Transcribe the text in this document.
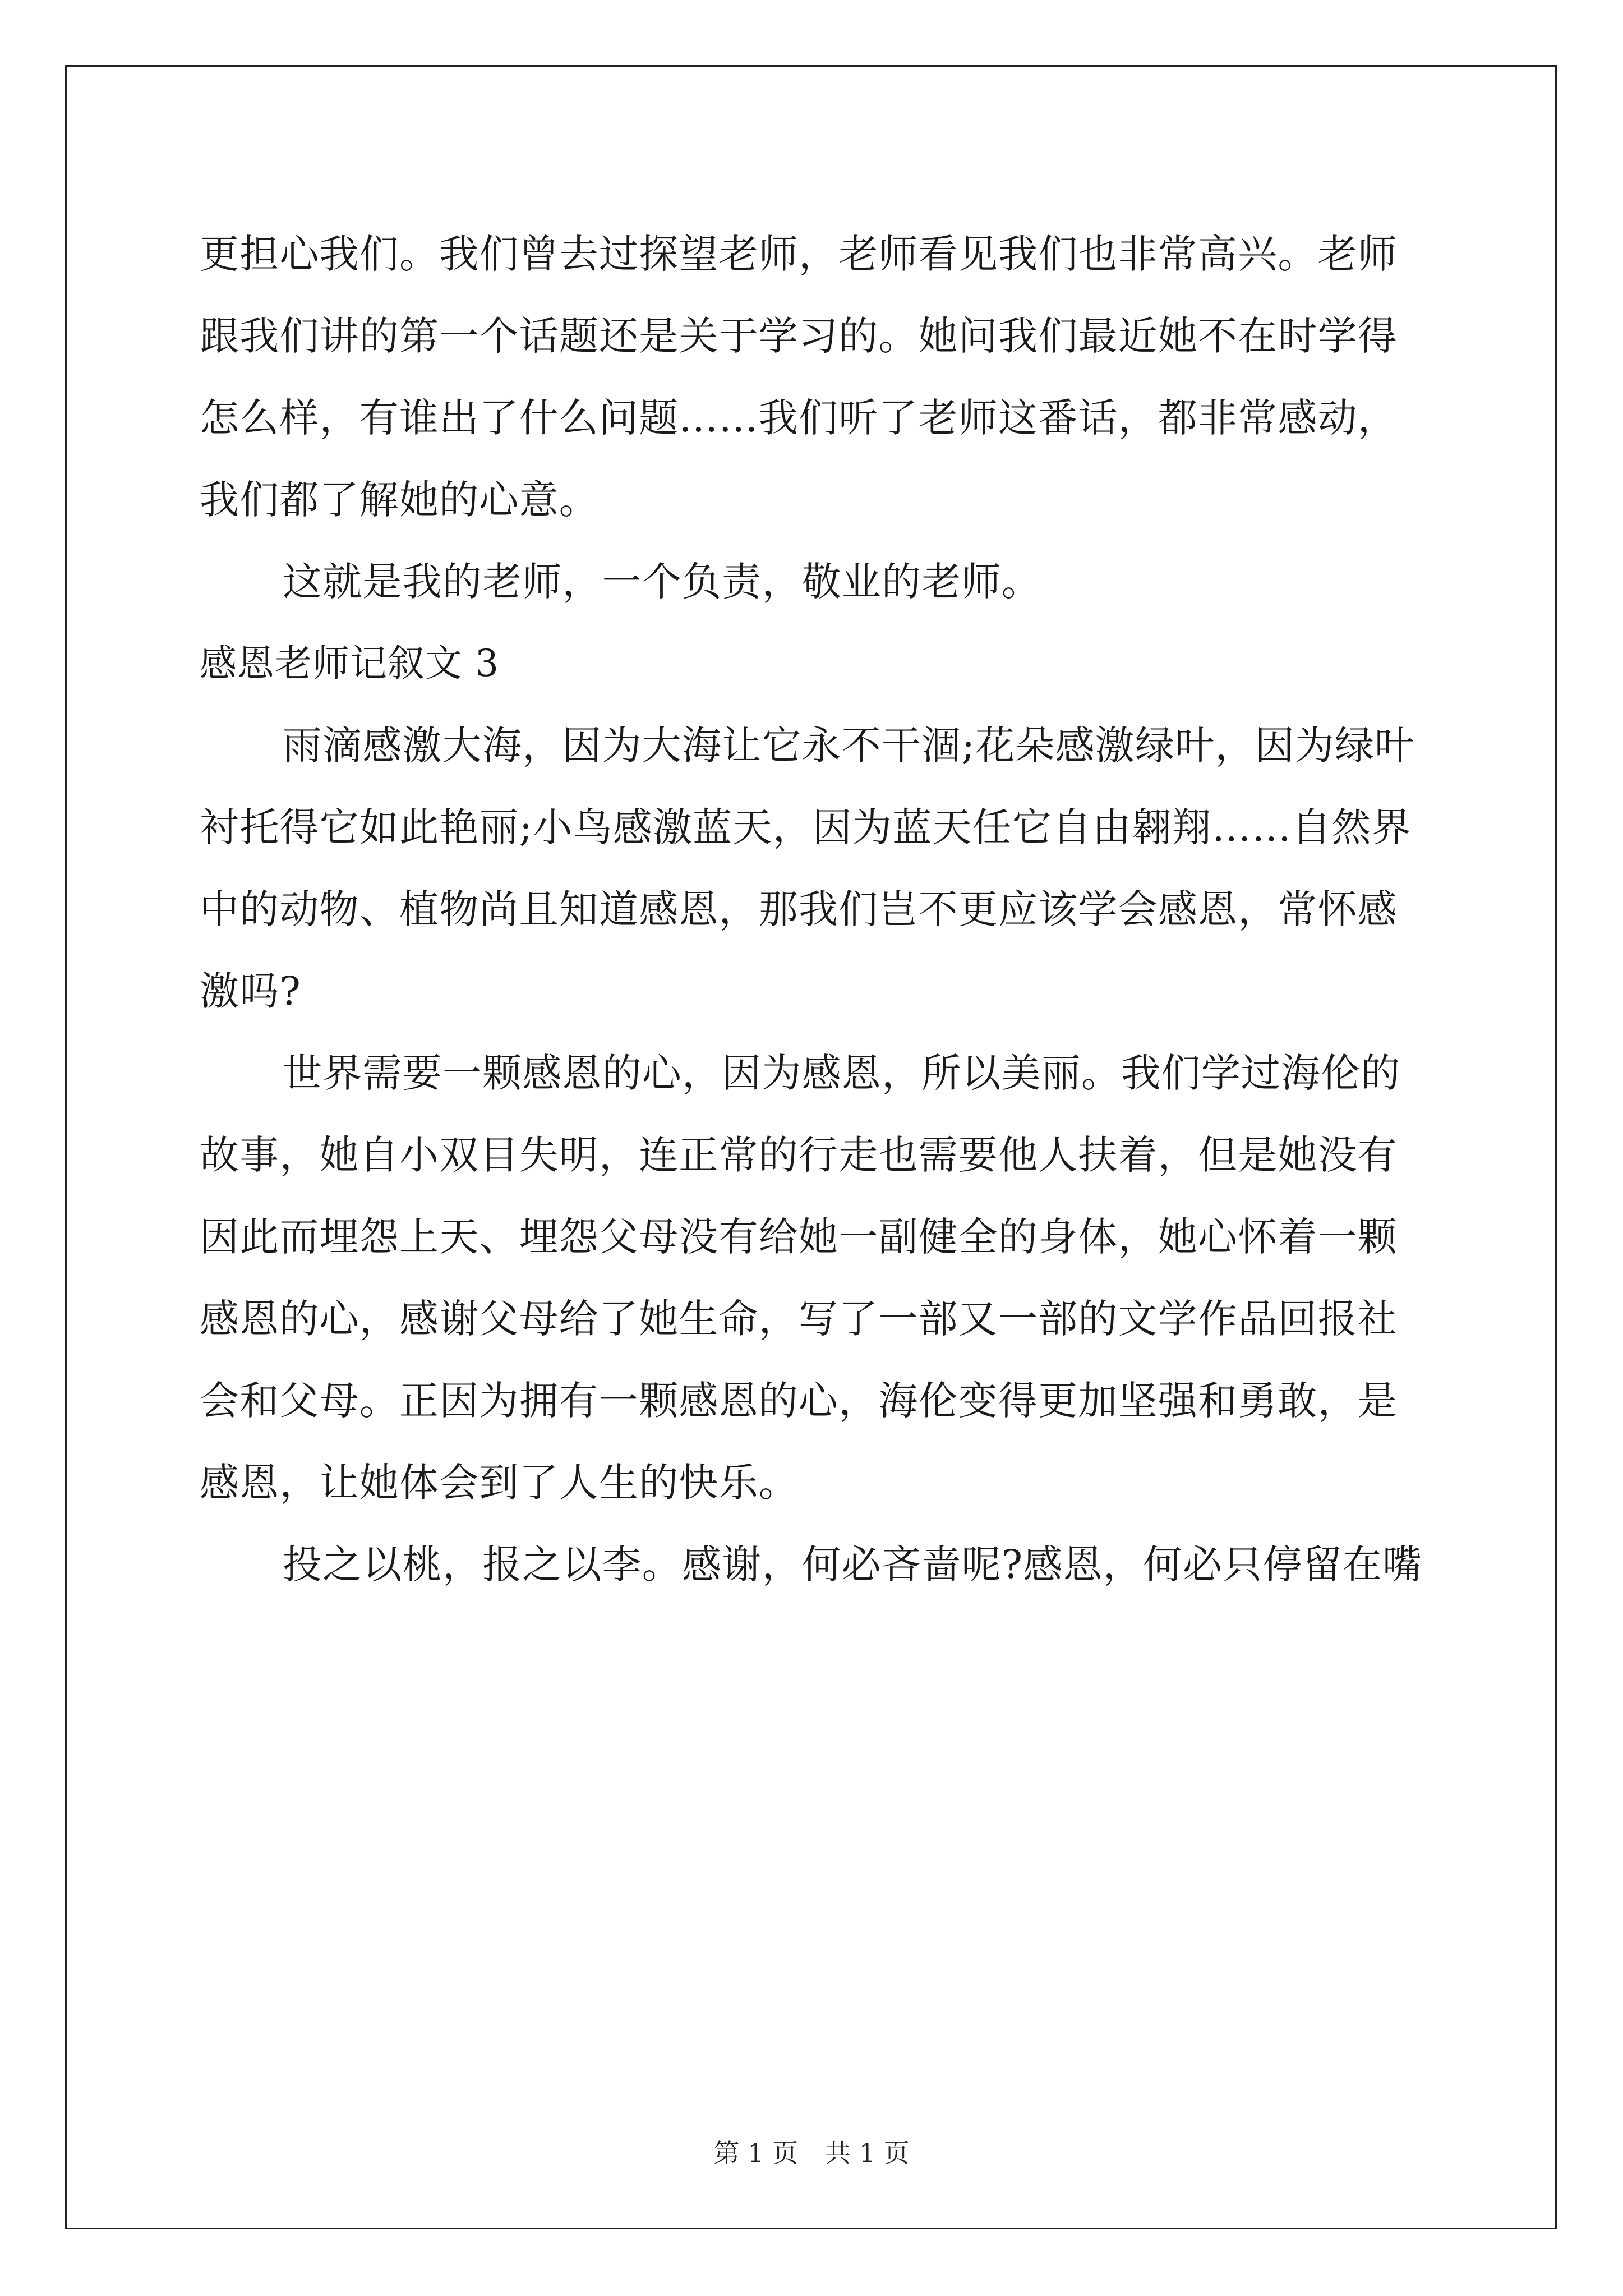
更担心我们。我们曾去过探望老师，老师看见我们也非常高兴。老师
跟我们讲的第一个话题还是关于学习的。她问我们最近她不在时学得
怎么样，有谁出了什么问题……我们听了老师这番话，都非常感动，
我们都了解她的心意。
这就是我的老师，一个负责，敬业的老师。
感恩老师记叙文 3
雨滴感激大海，因为大海让它永不干涸;花朵感激绿叶，因为绿叶
衬托得它如此艳丽;小鸟感激蓝天，因为蓝天任它自由翱翔……自然界
中的动物、植物尚且知道感恩，那我们岂不更应该学会感恩，常怀感
激吗?
世界需要一颗感恩的心，因为感恩，所以美丽。我们学过海伦的
故事，她自小双目失明，连正常的行走也需要他人扶着，但是她没有
因此而埋怨上天、埋怨父母没有给她一副健全的身体，她心怀着一颗
感恩的心，感谢父母给了她生命，写了一部又一部的文学作品回报社
会和父母。正因为拥有一颗感恩的心，海伦变得更加坚强和勇敢，是
感恩，让她体会到了人生的快乐。
投之以桃，报之以李。感谢，何必吝啬呢?感恩，何必只停留在嘴
第 1 页 共 1 页
